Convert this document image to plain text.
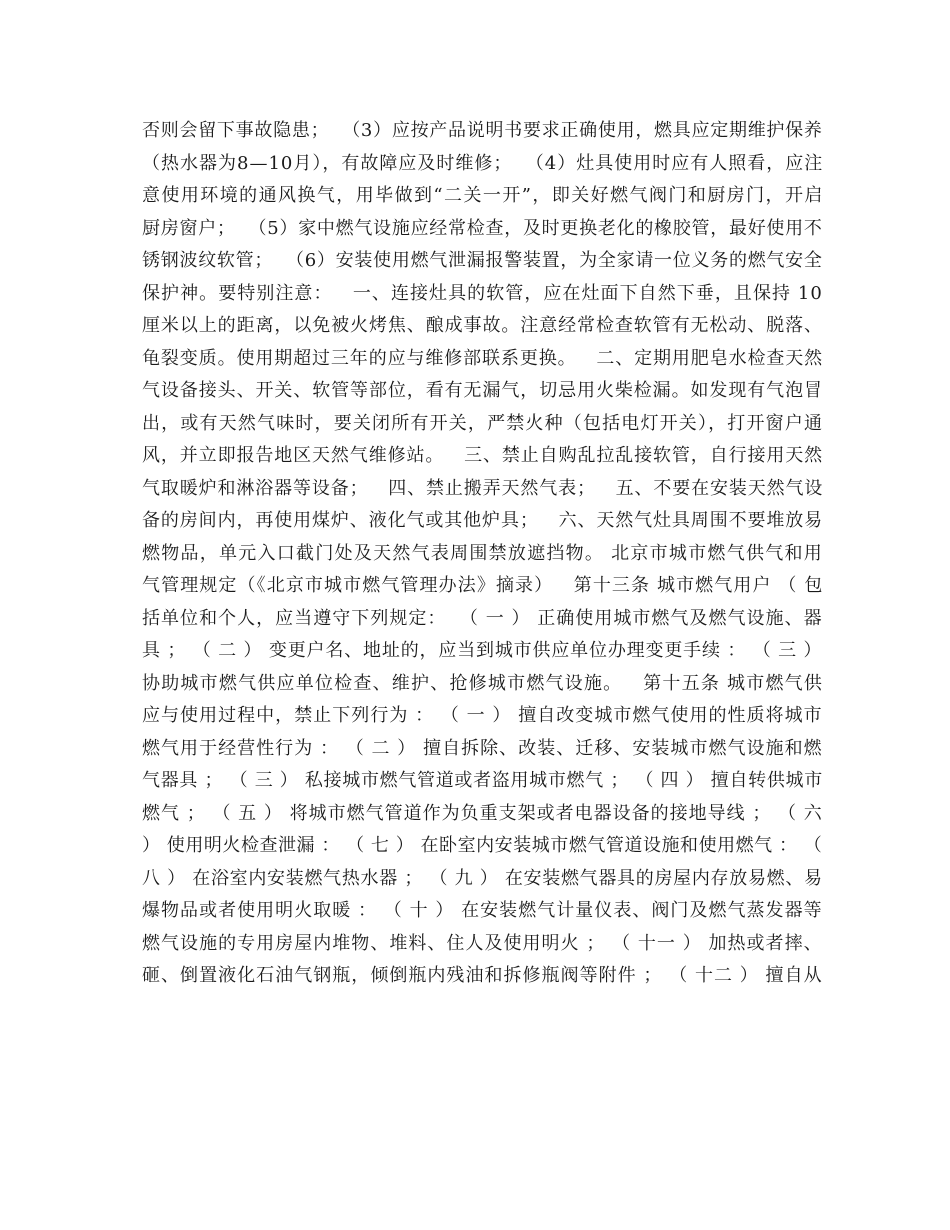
否则会留下事故隐患；  （3）应按产品说明书要求正确使用，燃具应定期维护保养
（热水器为8—10月），有故障应及时维修；  （4）灶具使用时应有人照看，应注
意使用环境的通风换气，用毕做到“二关一开”，即关好燃气阀门和厨房门，开启
厨房窗户；  （5）家中燃气设施应经常检查，及时更换老化的橡胶管，最好使用不
锈钢波纹软管；  （6）安装使用燃气泄漏报警装置，为全家请一位义务的燃气安全
保护神。要特别注意：   一、连接灶具的软管，应在灶面下自然下垂，且保持 10
厘米以上的距离，以免被火烤焦、酿成事故。注意经常检查软管有无松动、脱落、
龟裂变质。使用期超过三年的应与维修部联系更换。   二、定期用肥皂水检查天然
气设备接头、开关、软管等部位，看有无漏气，切忌用火柴检漏。如发现有气泡冒
出，或有天然气味时，要关闭所有开关，严禁火种（包括电灯开关），打开窗户通
风，并立即报告地区天然气维修站。   三、禁止自购乱拉乱接软管，自行接用天然
气取暖炉和淋浴器等设备；   四、禁止搬弄天然气表；   五、不要在安装天然气设
备的房间内，再使用煤炉、液化气或其他炉具；   六、天然气灶具周围不要堆放易
燃物品，单元入口截门处及天然气表周围禁放遮挡物。 北京市城市燃气供气和用
气管理规定（《北京市城市燃气管理办法》摘录）   第十三条 城市燃气用户 （ 包
括单位和个人，应当遵守下列规定：  （ 一 ） 正确使用城市燃气及燃气设施、器
具 ； （ 二 ） 变更户名、地址的，应当到城市供应单位办理变更手续 ： （ 三 ）
协助城市燃气供应单位检查、维护、抢修城市燃气设施。   第十五条 城市燃气供
应与使用过程中，禁止下列行为 ： （ 一 ） 擅自改变城市燃气使用的性质将城市
燃气用于经营性行为 ： （ 二 ） 擅自拆除、改装、迁移、安装城市燃气设施和燃
气器具 ； （ 三 ） 私接城市燃气管道或者盗用城市燃气 ； （ 四 ） 擅自转供城市
燃气 ； （ 五 ） 将城市燃气管道作为负重支架或者电器设备的接地导线 ； （ 六
） 使用明火检查泄漏 ： （ 七 ） 在卧室内安装城市燃气管道设施和使用燃气 ： （
八 ） 在浴室内安装燃气热水器 ； （ 九 ） 在安装燃气器具的房屋内存放易燃、易
爆物品或者使用明火取暖 ： （ 十 ） 在安装燃气计量仪表、阀门及燃气蒸发器等
燃气设施的专用房屋内堆物、堆料、住人及使用明火 ； （ 十一 ） 加热或者摔、
砸、倒置液化石油气钢瓶，倾倒瓶内残油和拆修瓶阀等附件 ； （ 十二 ） 擅自从
